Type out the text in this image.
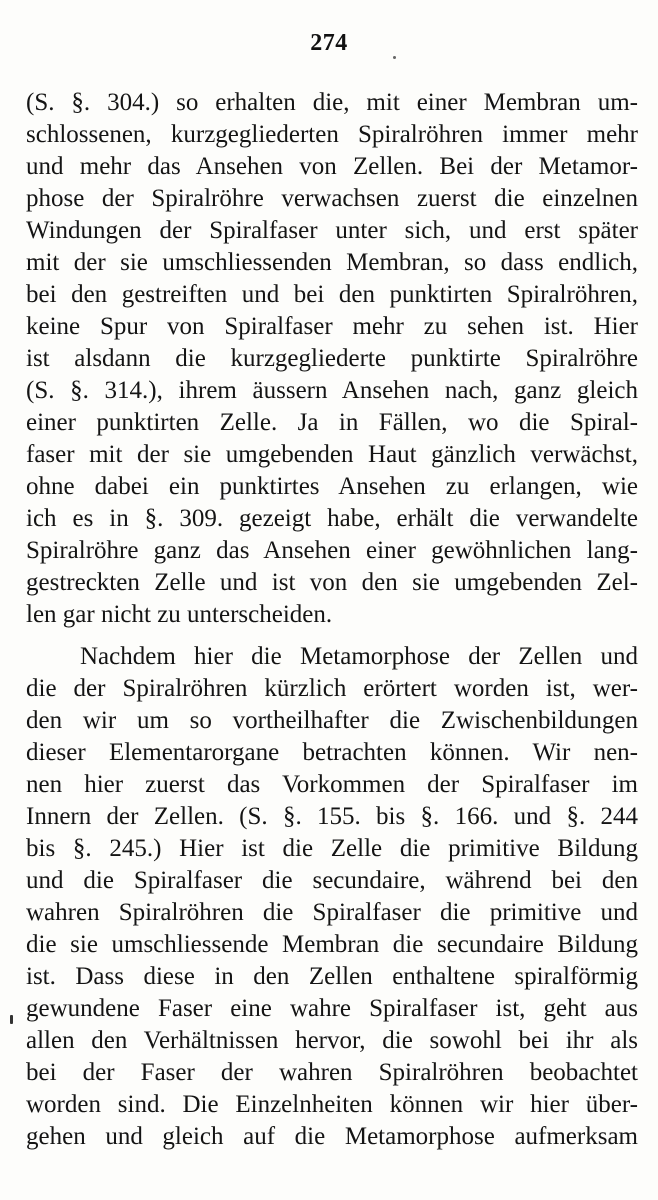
274
(S. §. 304.) so erhalten die, mit einer Membran um-
schlossenen, kurzgegliederten Spiralröhren immer mehr
und mehr das Ansehen von Zellen. Bei der Metamor-
phose der Spiralröhre verwachsen zuerst die einzelnen
Windungen der Spiralfaser unter sich, und erst später
mit der sie umschliessenden Membran, so dass endlich,
bei den gestreiften und bei den punktirten Spiralröhren,
keine Spur von Spiralfaser mehr zu sehen ist. Hier
ist alsdann die kurzgegliederte punktirte Spiralröhre
(S. §. 314.), ihrem äussern Ansehen nach, ganz gleich
einer punktirten Zelle. Ja in Fällen, wo die Spiral-
faser mit der sie umgebenden Haut gänzlich verwächst,
ohne dabei ein punktirtes Ansehen zu erlangen, wie
ich es in §. 309. gezeigt habe, erhält die verwandelte
Spiralröhre ganz das Ansehen einer gewöhnlichen lang-
gestreckten Zelle und ist von den sie umgebenden Zel-
len gar nicht zu unterscheiden.
Nachdem hier die Metamorphose der Zellen und
die der Spiralröhren kürzlich erörtert worden ist, wer-
den wir um so vortheilhafter die Zwischenbildungen
dieser Elementarorgane betrachten können. Wir nen-
nen hier zuerst das Vorkommen der Spiralfaser im
Innern der Zellen. (S. §. 155. bis §. 166. und §. 244
bis §. 245.) Hier ist die Zelle die primitive Bildung
und die Spiralfaser die secundaire, während bei den
wahren Spiralröhren die Spiralfaser die primitive und
die sie umschliessende Membran die secundaire Bildung
ist. Dass diese in den Zellen enthaltene spiralförmig
gewundene Faser eine wahre Spiralfaser ist, geht aus
allen den Verhältnissen hervor, die sowohl bei ihr als
bei der Faser der wahren Spiralröhren beobachtet
worden sind. Die Einzelnheiten können wir hier über-
gehen und gleich auf die Metamorphose aufmerksam
